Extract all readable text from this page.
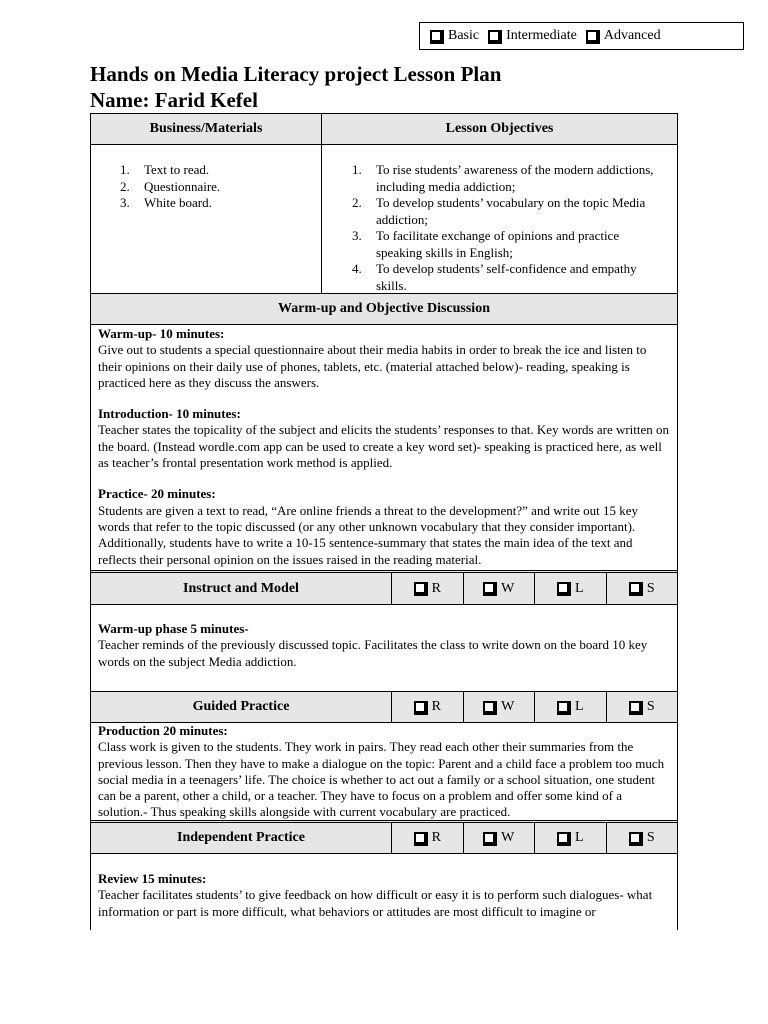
Basic Intermediate Advanced
Hands on Media Literacy project Lesson Plan
Name: Farid Kefel
Business/Materials	Lesson Objectives
1. Text to read.
2. Questionnaire.
3. White board.
1. To rise students’ awareness of the modern addictions, including media addiction;
2. To develop students’ vocabulary on the topic Media addiction;
3. To facilitate exchange of opinions and practice speaking skills in English;
4. To develop students’ self-confidence and empathy skills.
Warm-up and Objective Discussion
Warm-up- 10 minutes:
Give out to students a special questionnaire about their media habits in order to break the ice and listen to their opinions on their daily use of phones, tablets, etc. (material attached below)- reading, speaking is practiced here as they discuss the answers.
Introduction- 10 minutes:
Teacher states the topicality of the subject and elicits the students’ responses to that. Key words are written on the board. (Instead wordle.com app can be used to create a key word set)- speaking is practiced here, as well as teacher’s frontal presentation work method is applied.
Practice- 20 minutes:
Students are given a text to read, “Are online friends a threat to the development?” and write out 15 key words that refer to the topic discussed (or any other unknown vocabulary that they consider important). Additionally, students have to write a 10-15 sentence-summary that states the main idea of the text and reflects their personal opinion on the issues raised in the reading material.
Instruct and Model	R	W	L	S
Warm-up phase 5 minutes-
Teacher reminds of the previously discussed topic. Facilitates the class to write down on the board 10 key words on the subject Media addiction.
Guided Practice	R	W	L	S
Production 20 minutes:
Class work is given to the students. They work in pairs. They read each other their summaries from the previous lesson. Then they have to make a dialogue on the topic: Parent and a child face a problem too much social media in a teenagers’ life. The choice is whether to act out a family or a school situation, one student can be a parent, other a child, or a teacher. They have to focus on a problem and offer some kind of a solution.- Thus speaking skills alongside with current vocabulary are practiced.
Independent Practice	R	W	L	S
Review 15 minutes:
Teacher facilitates students’ to give feedback on how difficult or easy it is to perform such dialogues- what information or part is more difficult, what behaviors or attitudes are most difficult to imagine or
